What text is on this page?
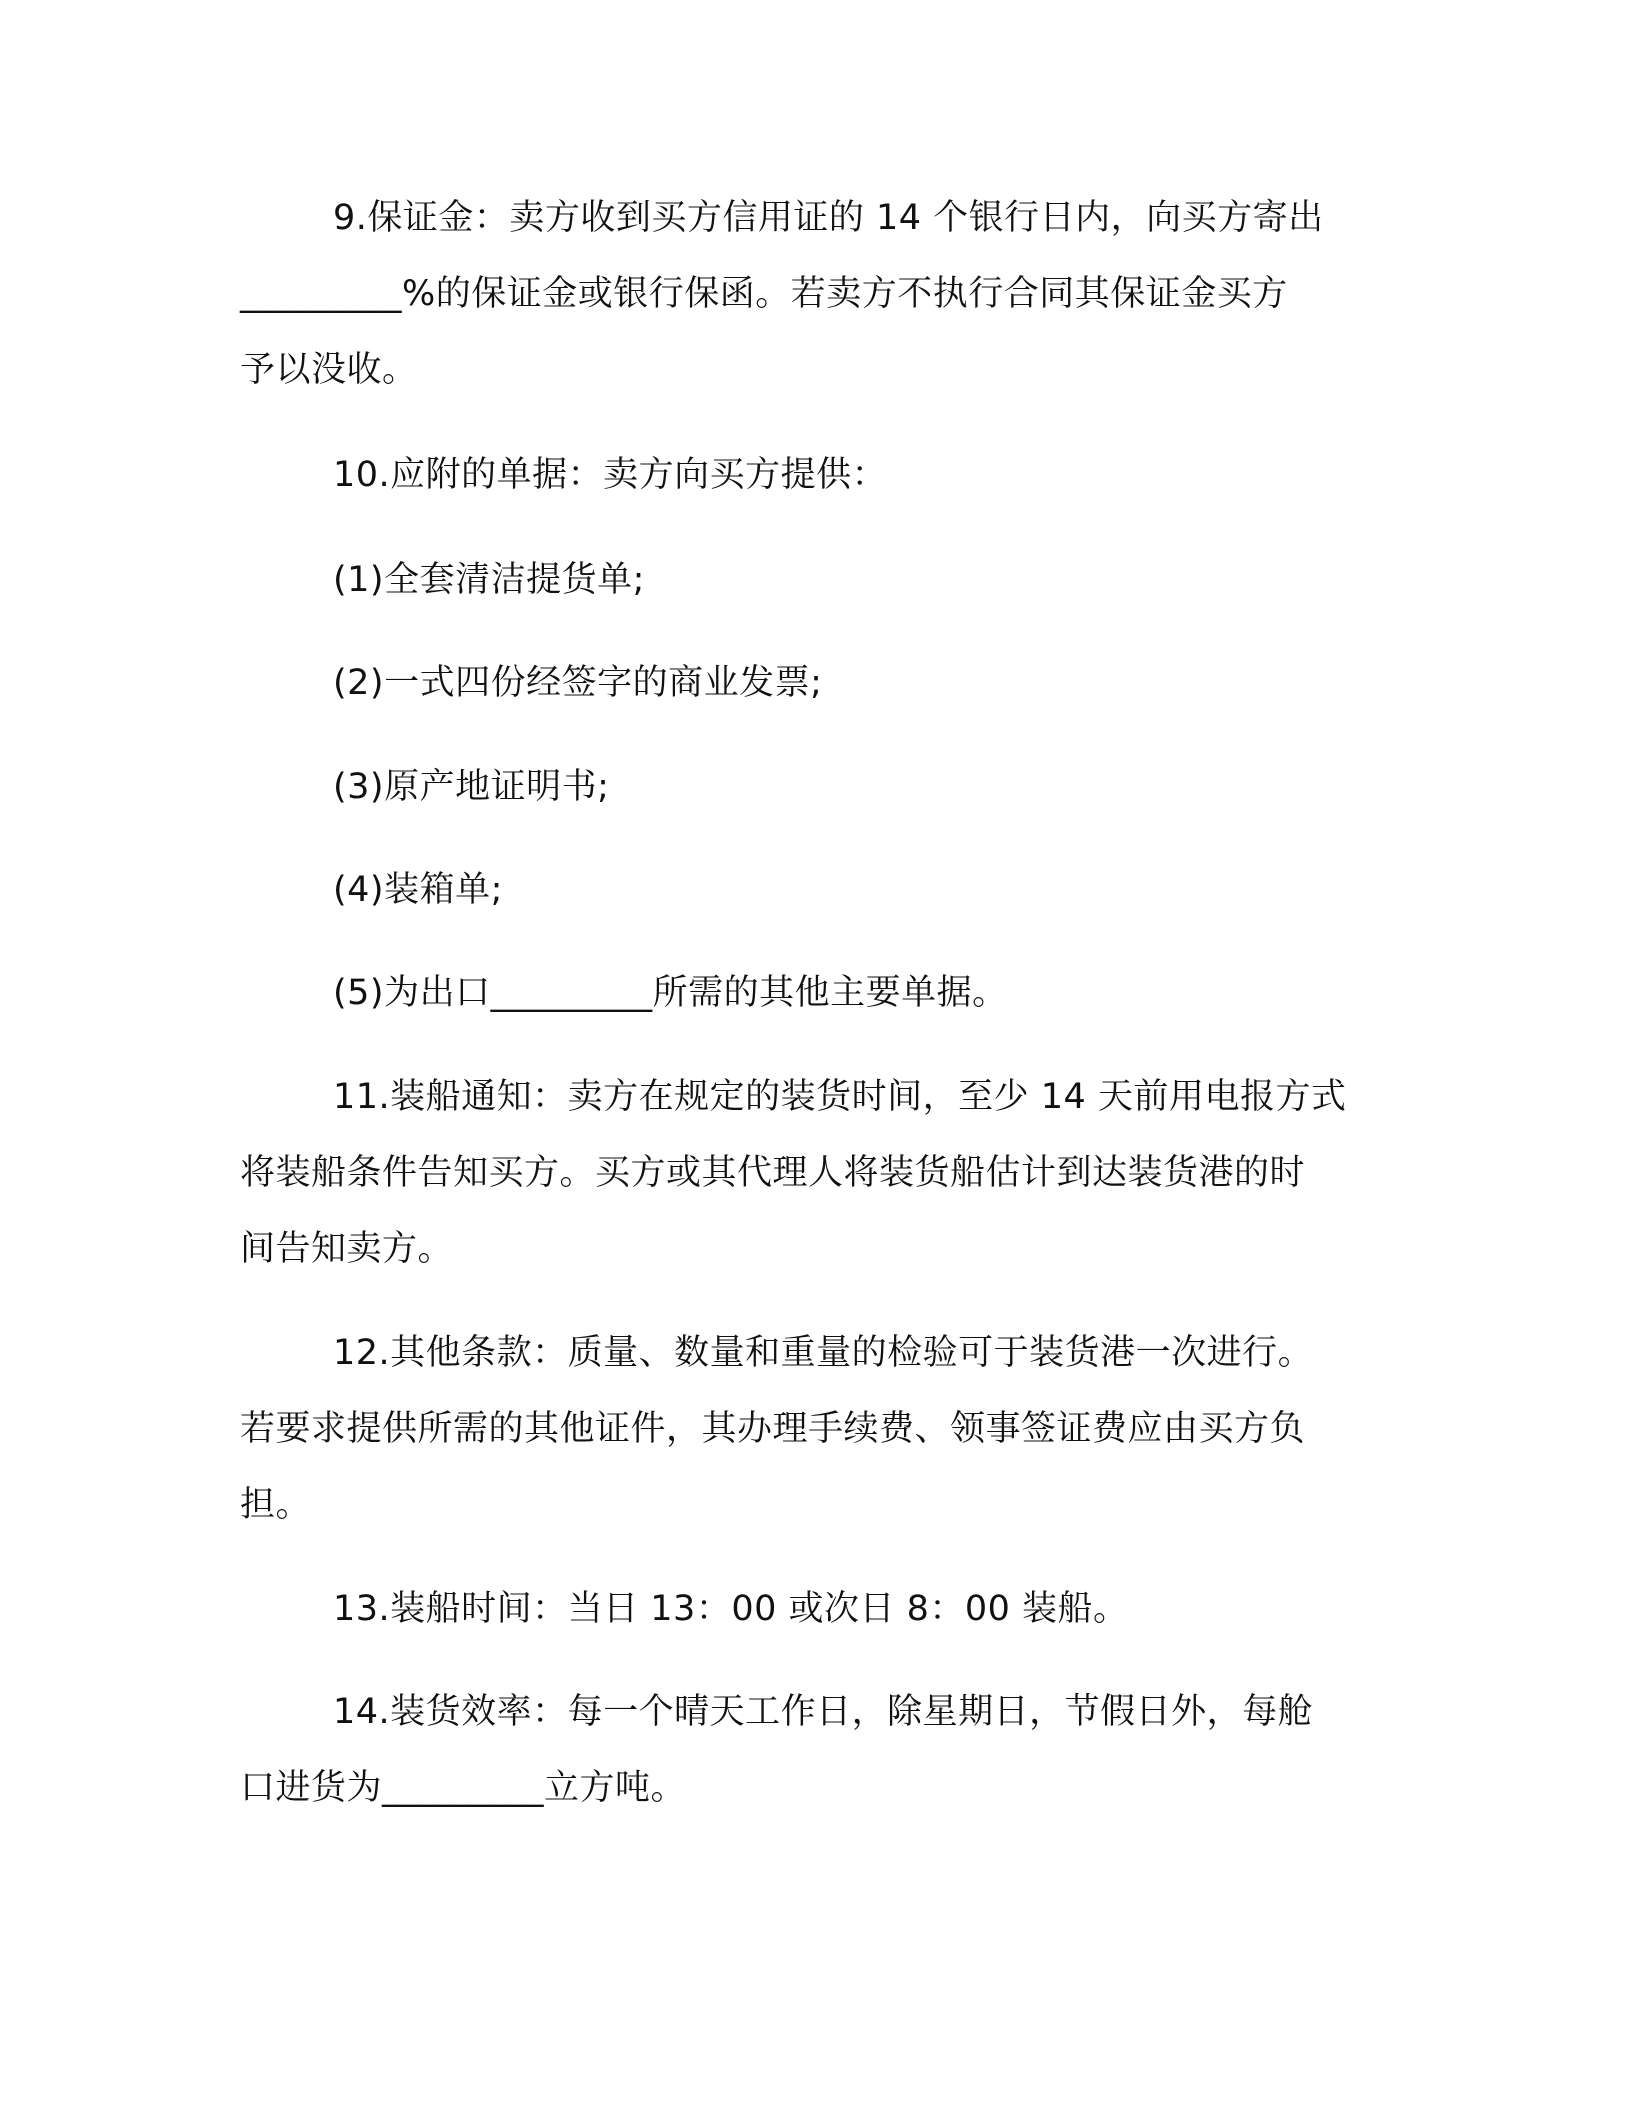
9.保证金：卖方收到买方信用证的 14 个银行日内，向买方寄出
_________%的保证金或银行保函。若卖方不执行合同其保证金买方
予以没收。
10.应附的单据：卖方向买方提供：
(1)全套清洁提货单;
(2)一式四份经签字的商业发票;
(3)原产地证明书;
(4)装箱单;
(5)为出口_________所需的其他主要单据。
11.装船通知：卖方在规定的装货时间，至少 14 天前用电报方式
将装船条件告知买方。买方或其代理人将装货船估计到达装货港的时
间告知卖方。
12.其他条款：质量、数量和重量的检验可于装货港一次进行。
若要求提供所需的其他证件，其办理手续费、领事签证费应由买方负
担。
13.装船时间：当日 13：00 或次日 8：00 装船。
14.装货效率：每一个晴天工作日，除星期日，节假日外，每舱
口进货为_________立方吨。
